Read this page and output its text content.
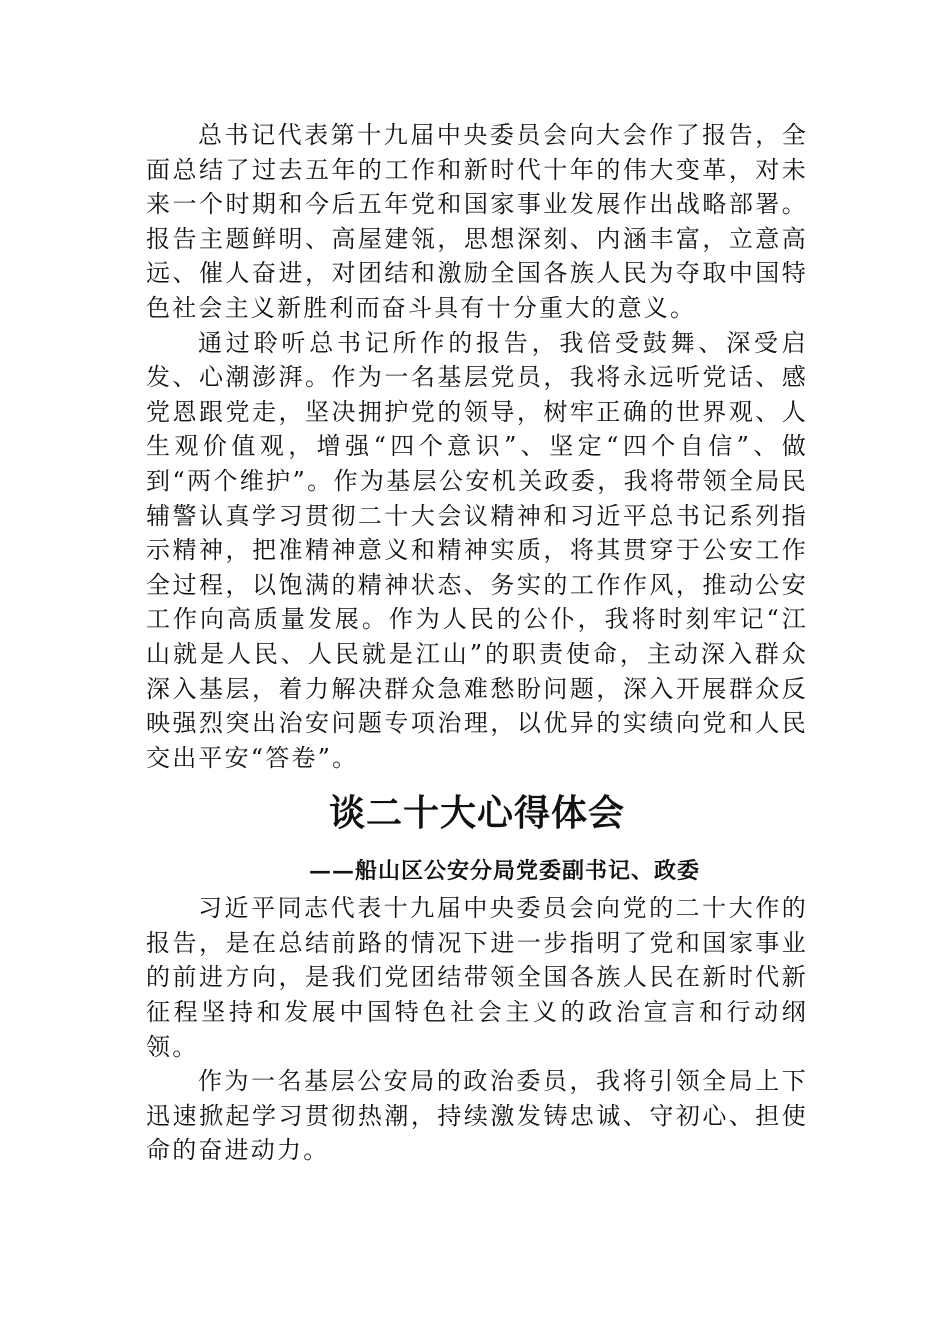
总书记代表第十九届中央委员会向大会作了报告，全面总结了过去五年的工作和新时代十年的伟大变革，对未来一个时期和今后五年党和国家事业发展作出战略部署。报告主题鲜明、高屋建瓴，思想深刻、内涵丰富，立意高远、催人奋进，对团结和激励全国各族人民为夺取中国特色社会主义新胜利而奋斗具有十分重大的意义。

通过聆听总书记所作的报告，我倍受鼓舞、深受启发、心潮澎湃。作为一名基层党员，我将永远听党话、感党恩跟党走，坚决拥护党的领导，树牢正确的世界观、人生观价值观，增强“四个意识”、坚定“四个自信”、做到“两个维护”。作为基层公安机关政委，我将带领全局民辅警认真学习贯彻二十大会议精神和习近平总书记系列指示精神，把准精神意义和精神实质，将其贯穿于公安工作全过程，以饱满的精神状态、务实的工作作风，推动公安工作向高质量发展。作为人民的公仆，我将时刻牢记“江山就是人民、人民就是江山”的职责使命，主动深入群众深入基层，着力解决群众急难愁盼问题，深入开展群众反映强烈突出治安问题专项治理，以优异的实绩向党和人民交出平安“答卷”。

谈二十大心得体会
——船山区公安分局党委副书记、政委

习近平同志代表十九届中央委员会向党的二十大作的报告，是在总结前路的情况下进一步指明了党和国家事业的前进方向，是我们党团结带领全国各族人民在新时代新征程坚持和发展中国特色社会主义的政治宣言和行动纲领。

作为一名基层公安局的政治委员，我将引领全局上下迅速掀起学习贯彻热潮，持续激发铸忠诚、守初心、担使命的奋进动力。
